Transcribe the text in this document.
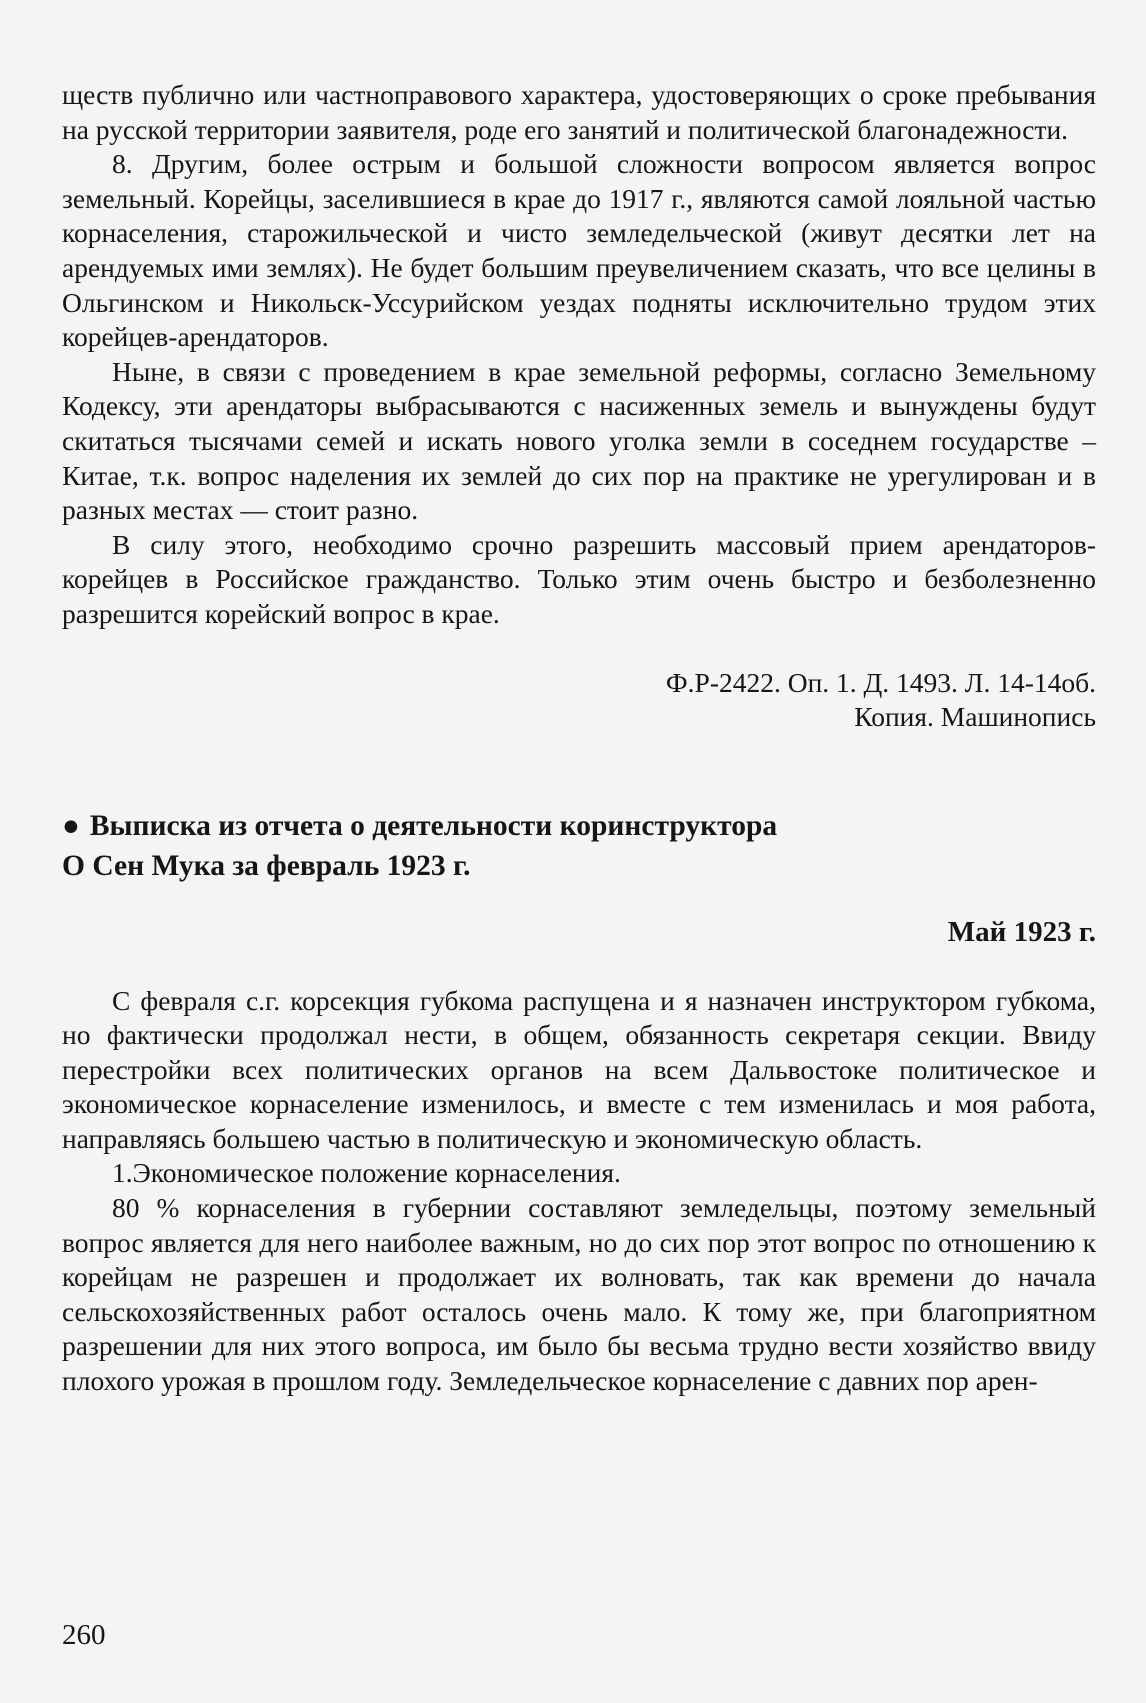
ществ публично или частноправового характера, удостоверяющих о сроке пребывания на русской территории заявителя, роде его занятий и политической благонадежности.

8. Другим, более острым и большой сложности вопросом является вопрос земельный. Корейцы, заселившиеся в крае до 1917 г., являются самой лояльной частью корнаселения, старожильческой и чисто земледельческой (живут десятки лет на арендуемых ими землях). Не будет большим преувеличением сказать, что все целины в Ольгинском и Никольск-Уссурийском уездах подняты исключительно трудом этих корейцев-арендаторов.

Ныне, в связи с проведением в крае земельной реформы, согласно Земельному Кодексу, эти арендаторы выбрасываются с насиженных земель и вынуждены будут скитаться тысячами семей и искать нового уголка земли в соседнем государстве – Китае, т.к. вопрос наделения их землей до сих пор на практике не урегулирован и в разных местах — стоит разно.

В силу этого, необходимо срочно разрешить массовый прием арендаторов-корейцев в Российское гражданство. Только этим очень быстро и безболезненно разрешится корейский вопрос в крае.

Ф.Р-2422. Оп. 1. Д. 1493. Л. 14-14об.
Копия. Машинопись

● Выписка из отчета о деятельности коринструктора
О Сен Мука за февраль 1923 г.

Май 1923 г.

С февраля с.г. корсекция губкома распущена и я назначен инструктором губкома, но фактически продолжал нести, в общем, обязанность секретаря секции. Ввиду перестройки всех политических органов на всем Дальвостоке политическое и экономическое корнаселение изменилось, и вместе с тем изменилась и моя работа, направляясь большею частью в политическую и экономическую область.

1.Экономическое положение корнаселения.

80 % корнаселения в губернии составляют земледельцы, поэтому земельный вопрос является для него наиболее важным, но до сих пор этот вопрос по отношению к корейцам не разрешен и продолжает их волновать, так как времени до начала сельскохозяйственных работ осталось очень мало. К тому же, при благоприятном разрешении для них этого вопроса, им было бы весьма трудно вести хозяйство ввиду плохого урожая в прошлом году. Земледельческое корнаселение с давних пор арен-

260
